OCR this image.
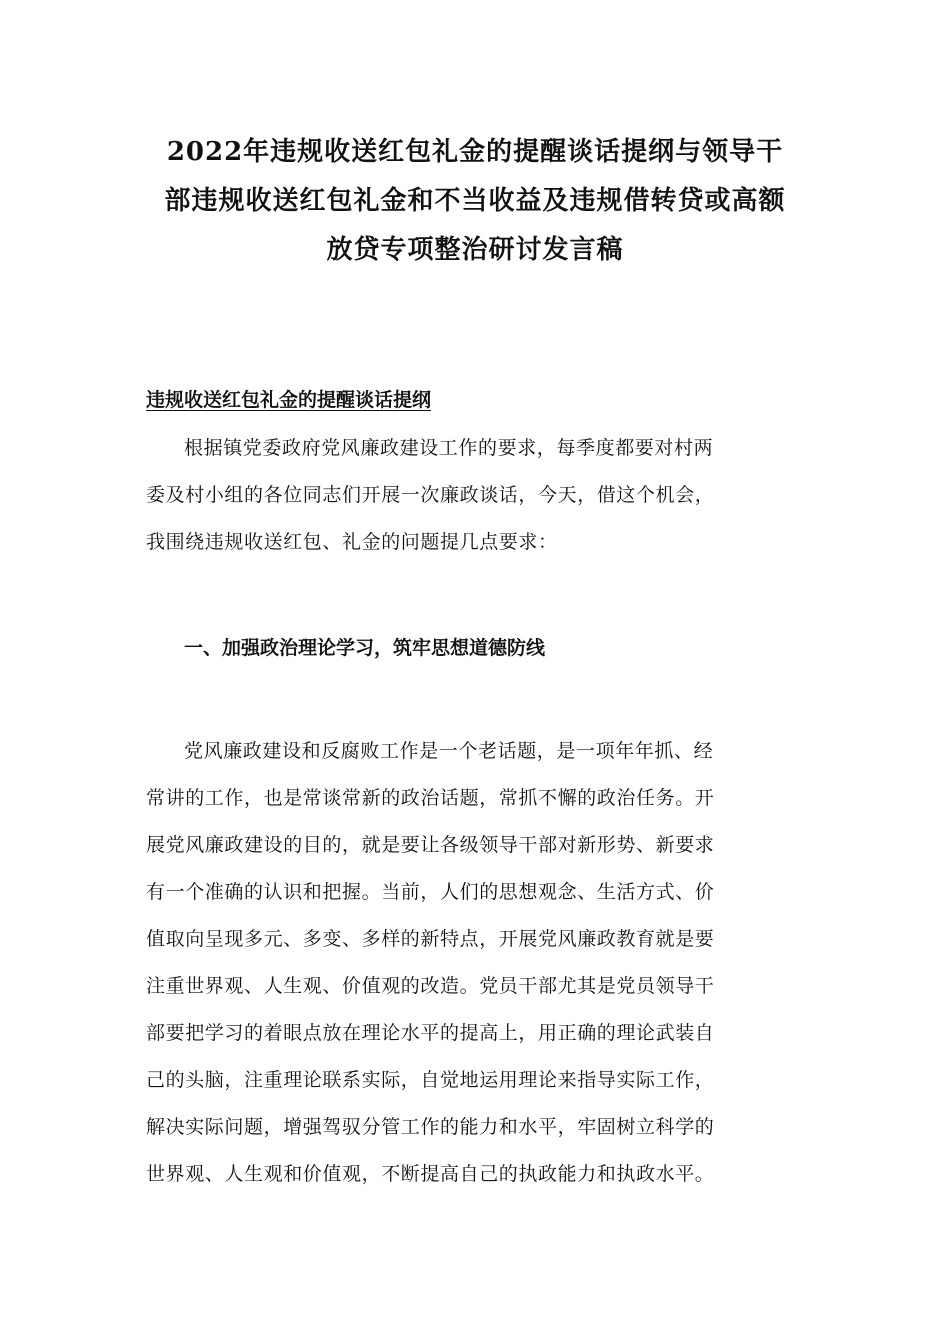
2022年违规收送红包礼金的提醒谈话提纲与领导干
部违规收送红包礼金和不当收益及违规借转贷或高额
放贷专项整治研讨发言稿
违规收送红包礼金的提醒谈话提纲
根据镇党委政府党风廉政建设工作的要求，每季度都要对村两
委及村小组的各位同志们开展一次廉政谈话，今天，借这个机会，
我围绕违规收送红包、礼金的问题提几点要求：
一、加强政治理论学习，筑牢思想道德防线
党风廉政建设和反腐败工作是一个老话题，是一项年年抓、经
常讲的工作，也是常谈常新的政治话题，常抓不懈的政治任务。开
展党风廉政建设的目的，就是要让各级领导干部对新形势、新要求
有一个准确的认识和把握。当前，人们的思想观念、生活方式、价
值取向呈现多元、多变、多样的新特点，开展党风廉政教育就是要
注重世界观、人生观、价值观的改造。党员干部尤其是党员领导干
部要把学习的着眼点放在理论水平的提高上，用正确的理论武装自
己的头脑，注重理论联系实际，自觉地运用理论来指导实际工作，
解决实际问题，增强驾驭分管工作的能力和水平，牢固树立科学的
世界观、人生观和价值观，不断提高自己的执政能力和执政水平。
